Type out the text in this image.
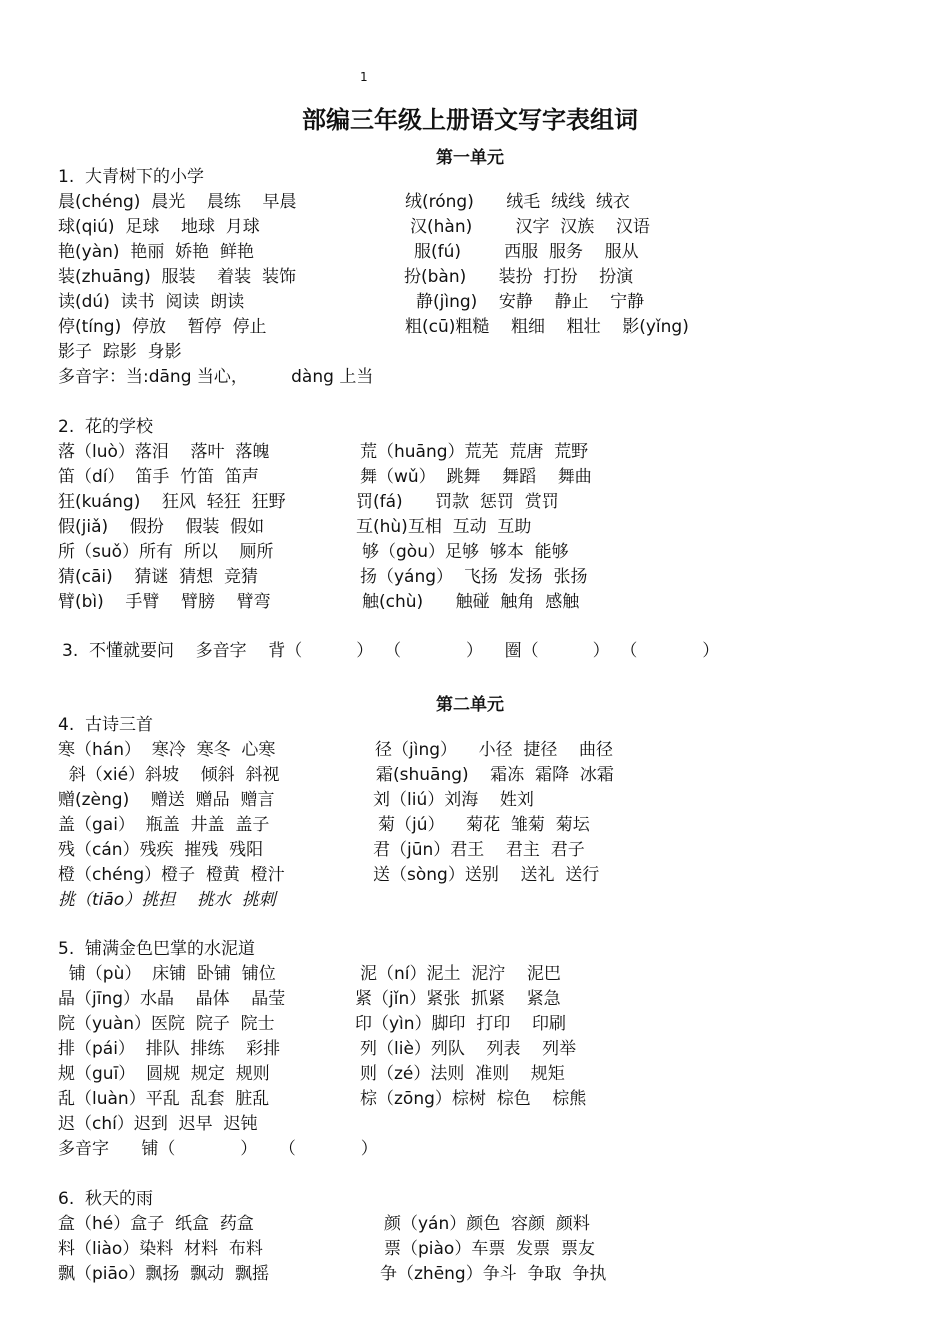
1
部编三年级上册语文写字表组词
第一单元
第二单元
1.  大青树下的小学
晨(chéng)  晨光    晨练    早晨	绒(róng)      绒毛  绒线  绒衣
球(qiú)  足球    地球  月球	汉(hàn)        汉字  汉族    汉语
艳(yàn)  艳丽  娇艳  鲜艳	服(fú)        西服  服务    服从
装(zhuāng)  服装    着装  装饰	扮(bàn)      装扮  打扮    扮演
读(dú)  读书  阅读  朗读	静(jìng)    安静    静止    宁静
停(tíng)  停放    暂停  停止	粗(cū)粗糙    粗细    粗壮    影(yǐng)
影子  踪影  身影
多音字：当:dāng 当心，        dàng 上当
2.  花的学校
落（luò）落泪    落叶  落魄	荒（huāng）荒芜  荒唐  荒野
笛（dí）  笛手  竹笛  笛声	舞（wǔ）  跳舞    舞蹈    舞曲
狂(kuáng)    狂风  轻狂  狂野	罚(fá)      罚款  惩罚  赏罚
假(jiǎ)    假扮    假装  假如	互(hù)互相  互动  互助
所（suǒ）所有  所以    厕所	够（gòu）足够  够本  能够
猜(cāi)    猜谜  猜想  竞猜	扬（yáng）  飞扬  发扬  张扬
臂(bì)    手臂    臂膀    臂弯	触(chù)      触碰  触角  感触
3.  不懂就要问    多音字    背（          ）  （            ）    圈（          ）  （            ）
4.  古诗三首
寒（hán）  寒冷  寒冬  心寒	径（jìng）    小径  捷径    曲径
斜（xié）斜坡    倾斜  斜视	霜(shuāng)    霜冻  霜降  冰霜
赠(zèng)    赠送  赠品  赠言	刘（liú）刘海    姓刘
盖（gai）  瓶盖  井盖  盖子	菊（jú）    菊花  雏菊  菊坛
残（cán）残疾  摧残  残阳	君（jūn）君王    君主  君子
橙（chéng）橙子  橙黄  橙汁	送（sòng）送别    送礼  送行
挑（tiāo）挑担    挑水  挑刺
5.  铺满金色巴掌的水泥道
铺（pù）  床铺  卧铺  铺位	泥（ní）泥土  泥泞    泥巴
晶（jīng）水晶    晶体    晶莹	紧（jǐn）紧张  抓紧    紧急
院（yuàn）医院  院子  院士	印（yìn）脚印  打印    印刷
排（pái）  排队  排练    彩排	列（liè）列队    列表    列举
规（guī）  圆规  规定  规则	则（zé）法则  准则    规矩
乱（luàn）平乱  乱套  脏乱	棕（zōng）棕树  棕色    棕熊
迟（chí）迟到  迟早  迟钝
多音字      铺（            ）    （            ）
6.  秋天的雨
盒（hé）盒子  纸盒  药盒	颜（yán）颜色  容颜  颜料
料（liào）染料  材料  布料	票（piào）车票  发票  票友
飘（piāo）飘扬  飘动  飘摇	争（zhēng）争斗  争取  争执
